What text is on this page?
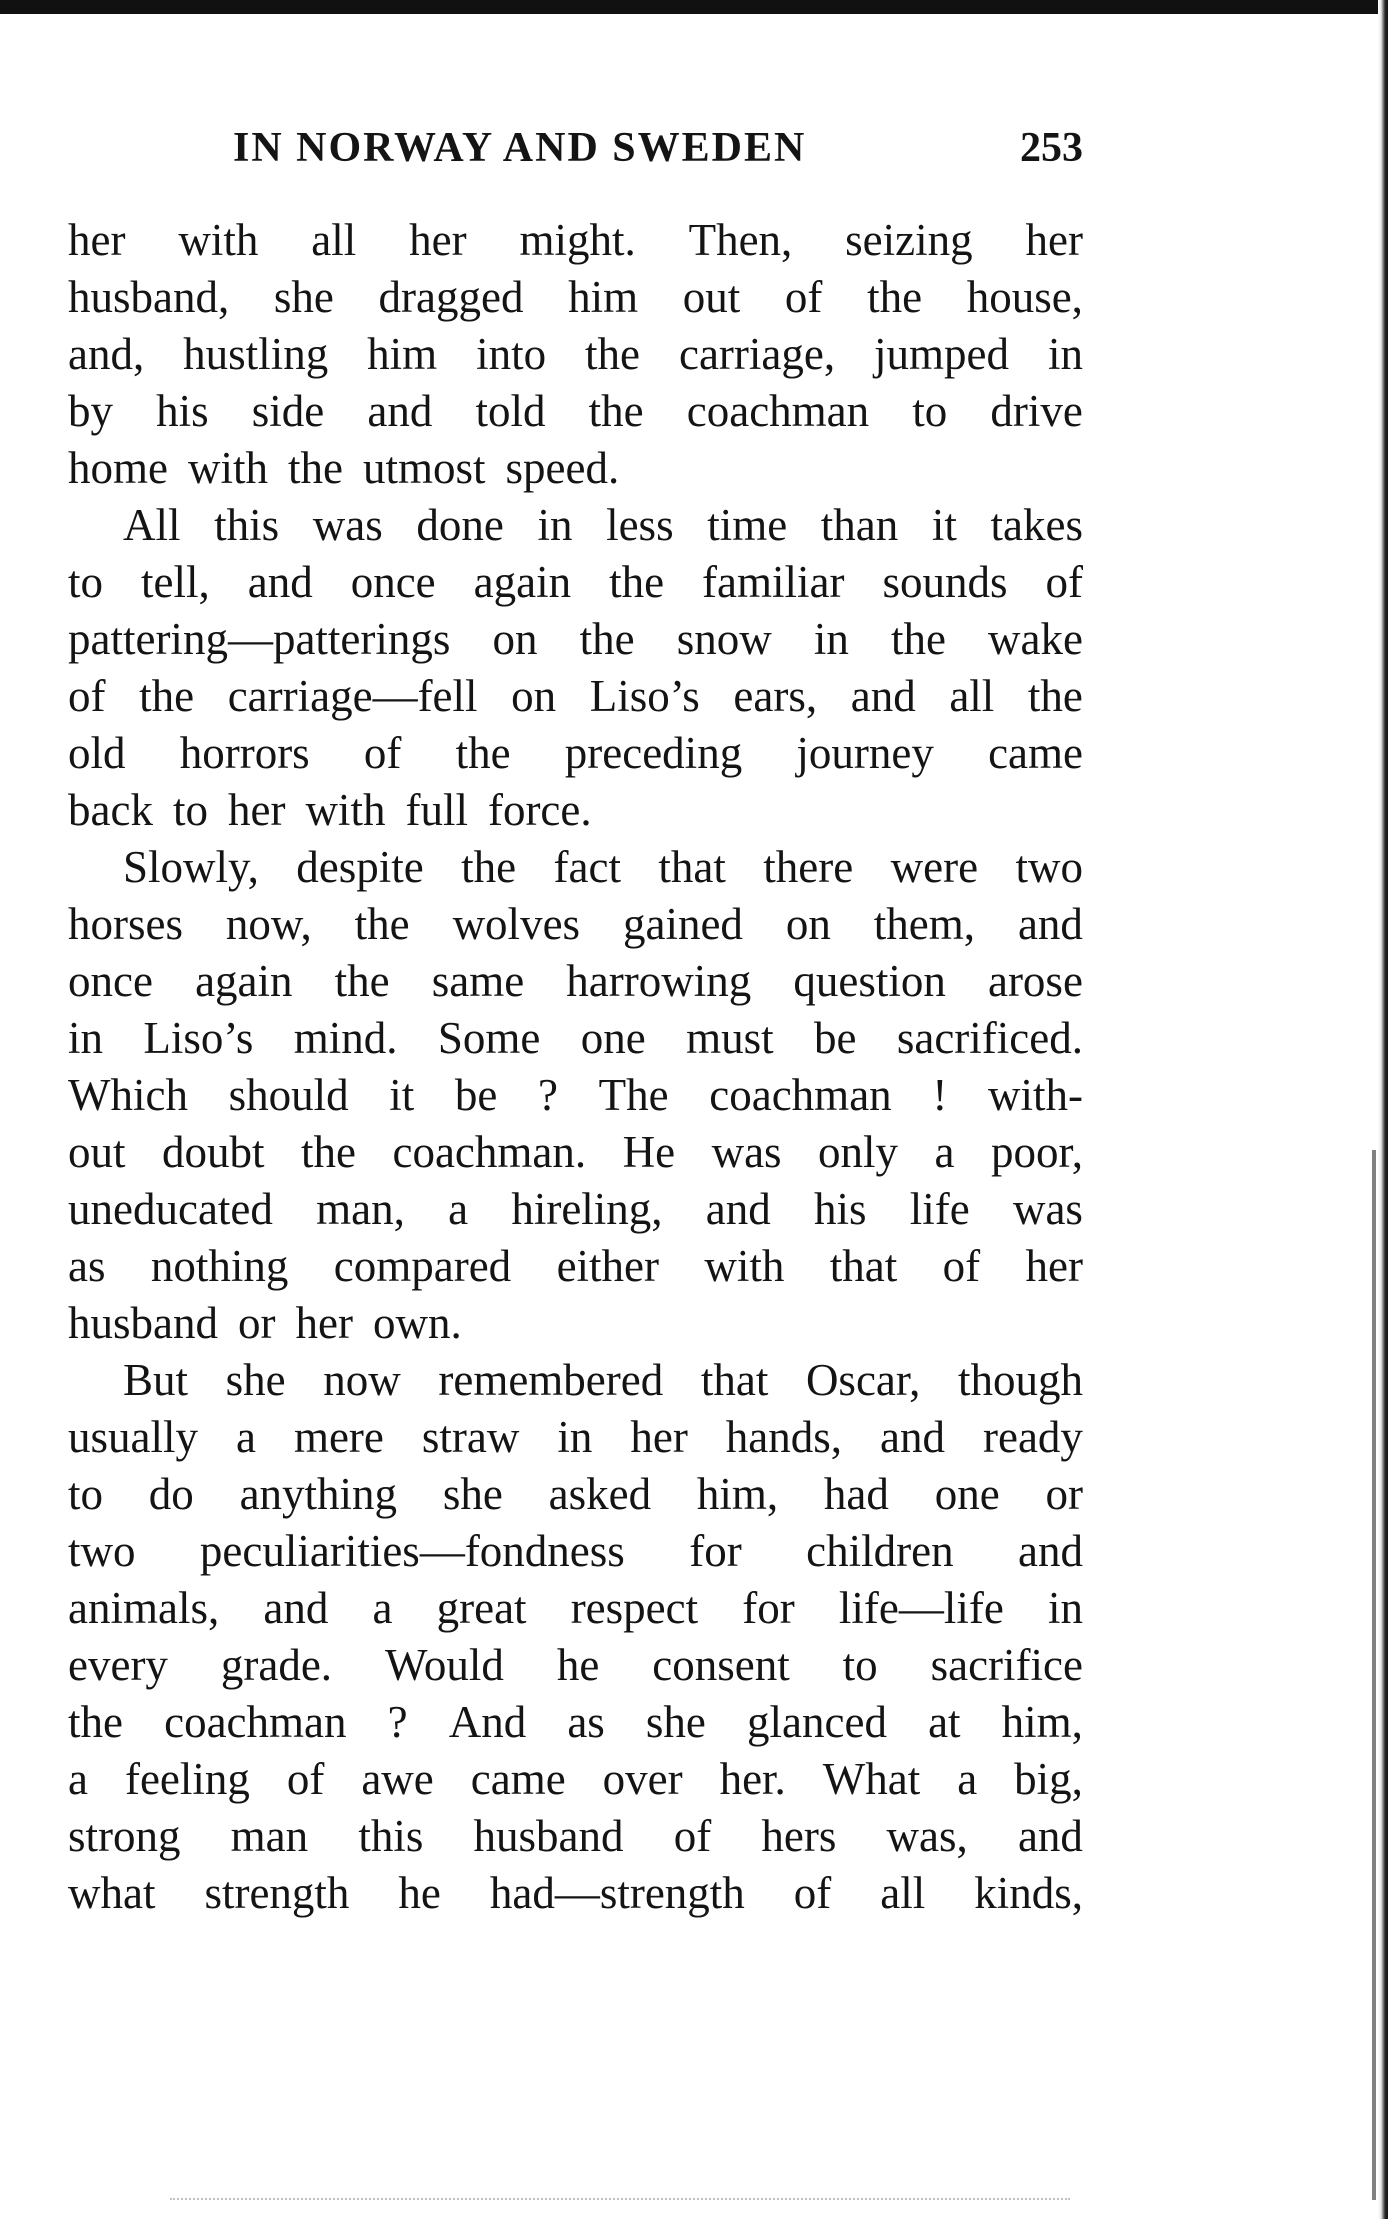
IN NORWAY AND SWEDEN	253
her with all her might. Then, seizing her
husband, she dragged him out of the house,
and, hustling him into the carriage, jumped in
by his side and told the coachman to drive
home with the utmost speed.
All this was done in less time than it takes
to tell, and once again the familiar sounds of
pattering—patterings on the snow in the wake
of the carriage—fell on Liso’s ears, and all the
old horrors of the preceding journey came
back to her with full force.
Slowly, despite the fact that there were two
horses now, the wolves gained on them, and
once again the same harrowing question arose
in Liso’s mind. Some one must be sacrificed.
Which should it be ? The coachman ! with-
out doubt the coachman. He was only a poor,
uneducated man, a hireling, and his life was
as nothing compared either with that of her
husband or her own.
But she now remembered that Oscar, though
usually a mere straw in her hands, and ready
to do anything she asked him, had one or
two peculiarities—fondness for children and
animals, and a great respect for life—life in
every grade. Would he consent to sacrifice
the coachman ? And as she glanced at him,
a feeling of awe came over her. What a big,
strong man this husband of hers was, and
what strength he had—strength of all kinds,
